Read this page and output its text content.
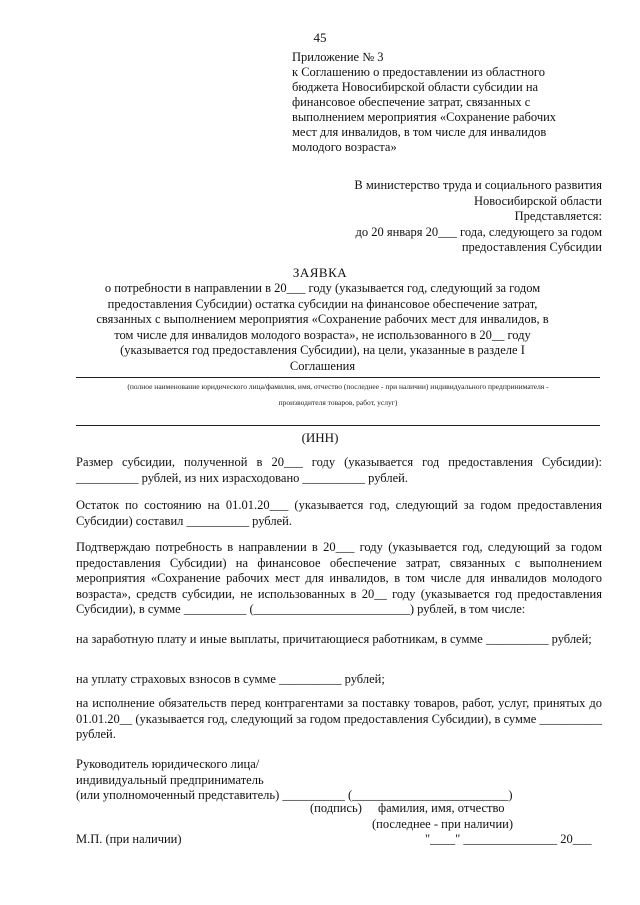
45
Приложение № 3
к Соглашению о предоставлении из областного
бюджета Новосибирской области субсидии на
финансовое обеспечение затрат, связанных с
выполнением мероприятия «Сохранение рабочих
мест для инвалидов, в том числе для инвалидов
молодого возраста»
В министерство труда и социального развития
Новосибирской области
Представляется:
до 20 января 20___ года, следующего за годом
предоставления Субсидии
ЗАЯВКА
о потребности в направлении в 20___ году (указывается год, следующий за годом предоставления Субсидии) остатка субсидии на финансовое обеспечение затрат, связанных с выполнением мероприятия «Сохранение рабочих мест для инвалидов, в том числе для инвалидов молодого возраста», не использованного в 20__ году (указывается год предоставления Субсидии), на цели, указанные в разделе I Соглашения
(полное наименование юридического лица/фамилия, имя, отчество (последнее - при наличии) индивидуального предпринимателя -
производителя товаров, работ, услуг)
(ИНН)
Размер субсидии, полученной в 20___ году (указывается год предоставления Субсидии): __________ рублей, из них израсходовано __________ рублей.
Остаток по состоянию на 01.01.20___ (указывается год, следующий за годом предоставления Субсидии) составил __________ рублей.
Подтверждаю потребность в направлении в 20___ году (указывается год, следующий за годом предоставления Субсидии) на финансовое обеспечение затрат, связанных с выполнением мероприятия «Сохранение рабочих мест для инвалидов, в том числе для инвалидов молодого возраста», средств субсидии, не использованных в 20__ году (указывается год предоставления Субсидии), в сумме __________ (_________________________) рублей, в том числе:
на заработную плату и иные выплаты, причитающиеся работникам, в сумме __________ рублей;
на уплату страховых взносов в сумме __________ рублей;
на исполнение обязательств перед контрагентами за поставку товаров, работ, услуг, принятых до 01.01.20__ (указывается год, следующий за годом предоставления Субсидии), в сумме __________ рублей.
Руководитель юридического лица/
индивидуальный предприниматель
(или уполномоченный представитель) __________ (_________________________)
(подпись) фамилия, имя, отчество
(последнее - при наличии)
М.П. (при наличии)	"____" _______________ 20___
